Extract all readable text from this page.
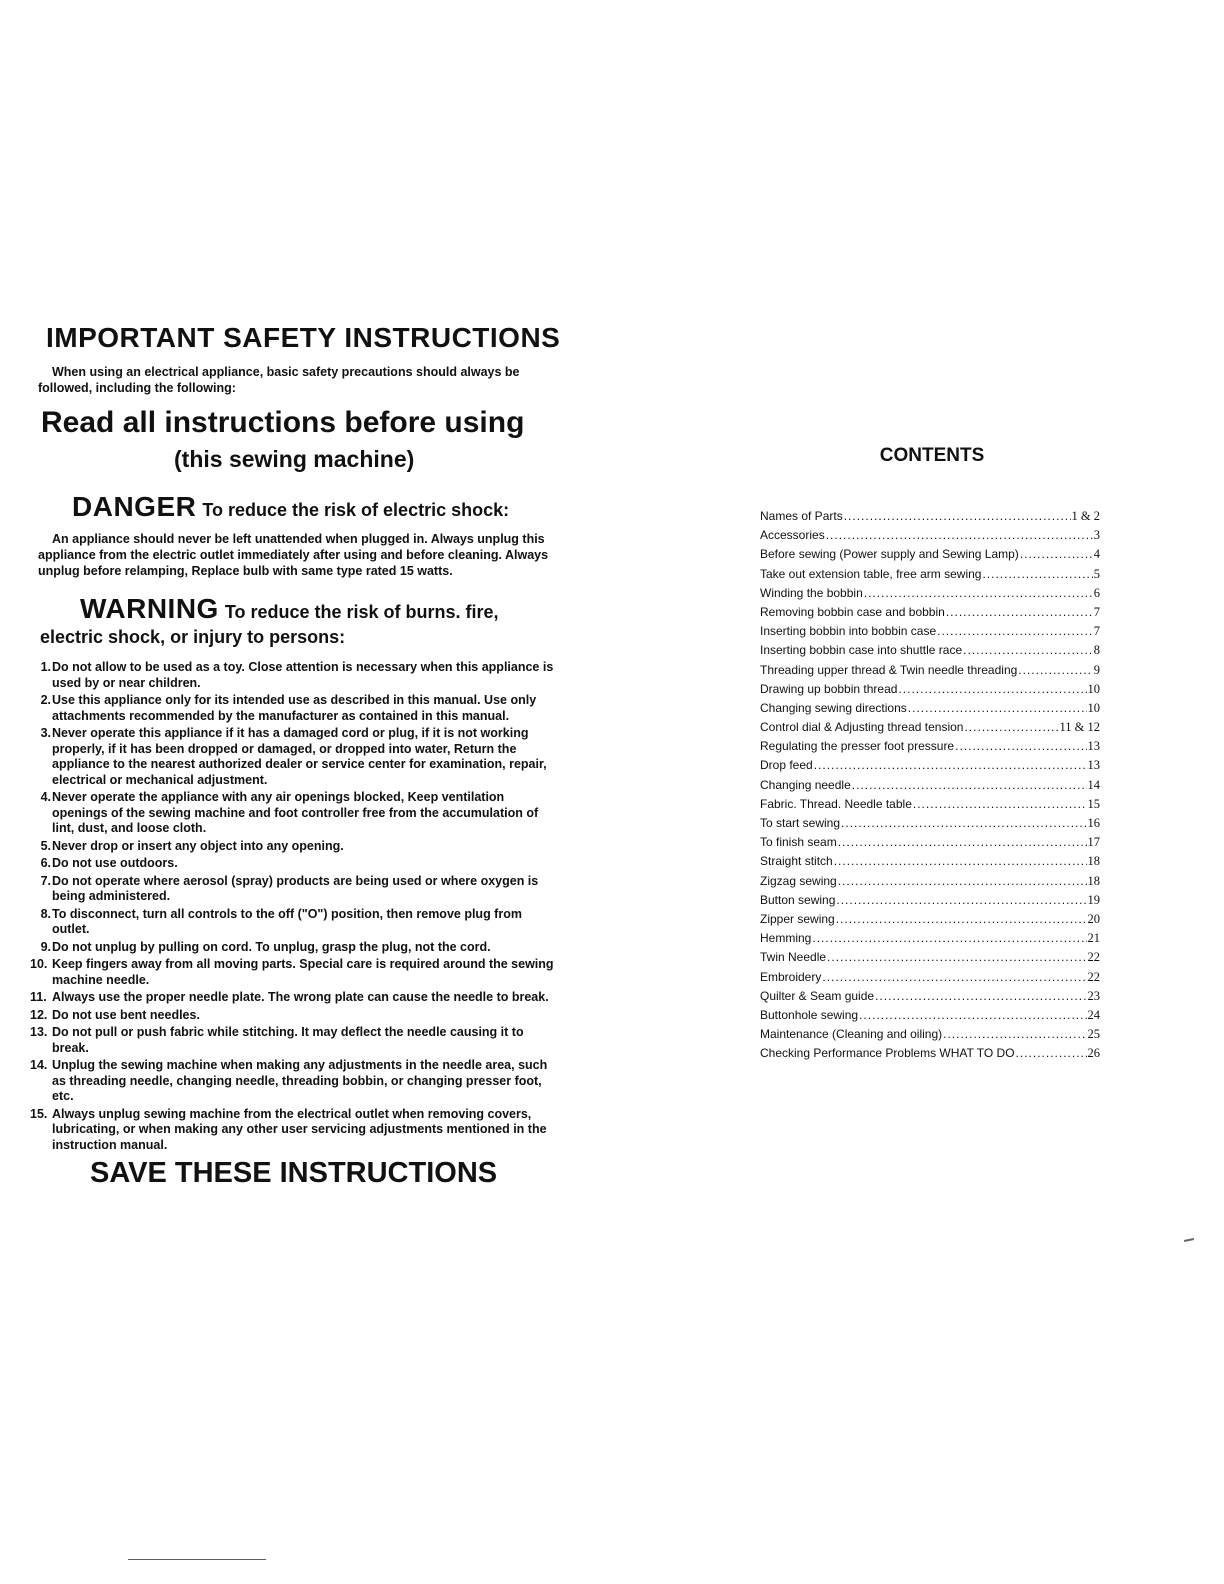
IMPORTANT SAFETY INSTRUCTIONS

When using an electrical appliance, basic safety precautions should always be followed, including the following:

Read all instructions before using
(this sewing machine)
DANGER To reduce the risk of electric shock:

An appliance should never be left unattended when plugged in. Always unplug this appliance from the electric outlet immediately after using and before cleaning. Always unplug before relamping, Replace bulb with same type rated 15 watts.

WARNING To reduce the risk of burns. fire,
electric shock, or injury to persons:
1. Do not allow to be used as a toy. Close attention is necessary when this appliance is used by or near children.
2. Use this appliance only for its intended use as described in this manual. Use only attachments recommended by the manufacturer as contained in this manual.
3. Never operate this appliance if it has a damaged cord or plug, if it is not working properly, if it has been dropped or damaged, or dropped into water, Return the appliance to the nearest authorized dealer or service center for examination, repair, electrical or mechanical adjustment.
4. Never operate the appliance with any air openings blocked, Keep ventilation openings of the sewing machine and foot controller free from the accumulation of lint, dust, and loose cloth.
5. Never drop or insert any object into any opening.
6. Do not use outdoors.
7. Do not operate where aerosol (spray) products are being used or where oxygen is being administered.
8. To disconnect, turn all controls to the off ("O") position, then remove plug from outlet.
9. Do not unplug by pulling on cord. To unplug, grasp the plug, not the cord.
10. Keep fingers away from all moving parts. Special care is required around the sewing machine needle.
11. Always use the proper needle plate. The wrong plate can cause the needle to break.
12. Do not use bent needles.
13. Do not pull or push fabric while stitching. It may deflect the needle causing it to break.
14. Unplug the sewing machine when making any adjustments in the needle area, such as threading needle, changing needle, threading bobbin, or changing presser foot, etc.
15. Always unplug sewing machine from the electrical outlet when removing covers, lubricating, or when making any other user servicing adjustments mentioned in the instruction manual.
SAVE THESE INSTRUCTIONS
CONTENTS
Names of Parts .....	1 & 2
Accessories .....	3
Before sewing (Power supply and Sewing Lamp) .....	4
Take out extension table, free arm sewing .....	5
Winding the bobbin .....	6
Removing bobbin case and bobbin .....	7
Inserting bobbin into bobbin case .....	7
Inserting bobbin case into shuttle race .....	8
Threading upper thread & Twin needle threading .....	9
Drawing up bobbin thread .....	10
Changing sewing directions .....	10
Control dial & Adjusting thread tension .....	11 & 12
Regulating the presser foot pressure .....	13
Drop feed .....	13
Changing needle .....	14
Fabric. Thread. Needle table .....	15
To start sewing .....	16
To finish seam .....	17
Straight stitch .....	18
Zigzag sewing .....	18
Button sewing .....	19
Zipper sewing .....	20
Hemming .....	21
Twin Needle .....	22
Embroidery .....	22
Quilter & Seam guide .....	23
Buttonhole sewing .....	24
Maintenance (Cleaning and oiling) .....	25
Checking Performance Problems WHAT TO DO .....	26
